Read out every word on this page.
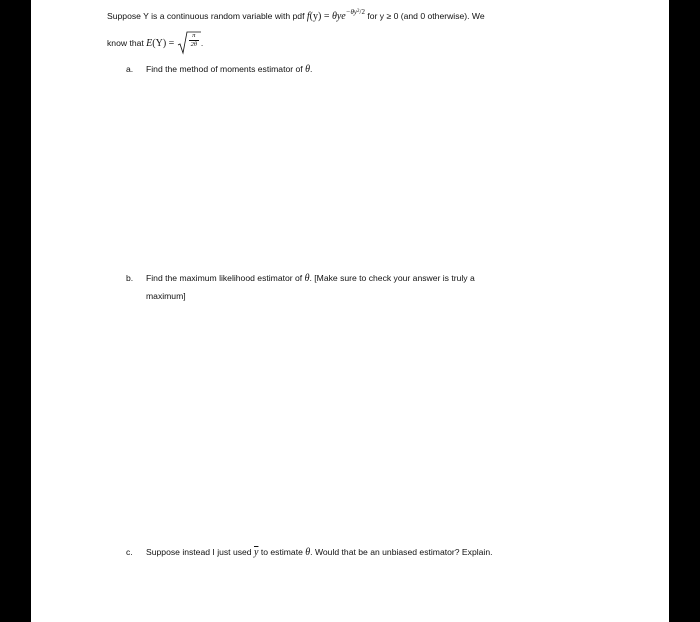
Suppose Y is a continuous random variable with pdf f(y) = θye$^{-\theta y^2/2}$ for y ≥ 0 (and 0 otherwise). We
know that E(Y) =
π
2θ .
a. Find the method of moments estimator of θ.
b. Find the maximum likelihood estimator of θ. [Make sure to check your answer is truly a
maximum]
c. Suppose instead I just used $\overline{y}$ to estimate θ. Would that be an unbiased estimator? Explain.
